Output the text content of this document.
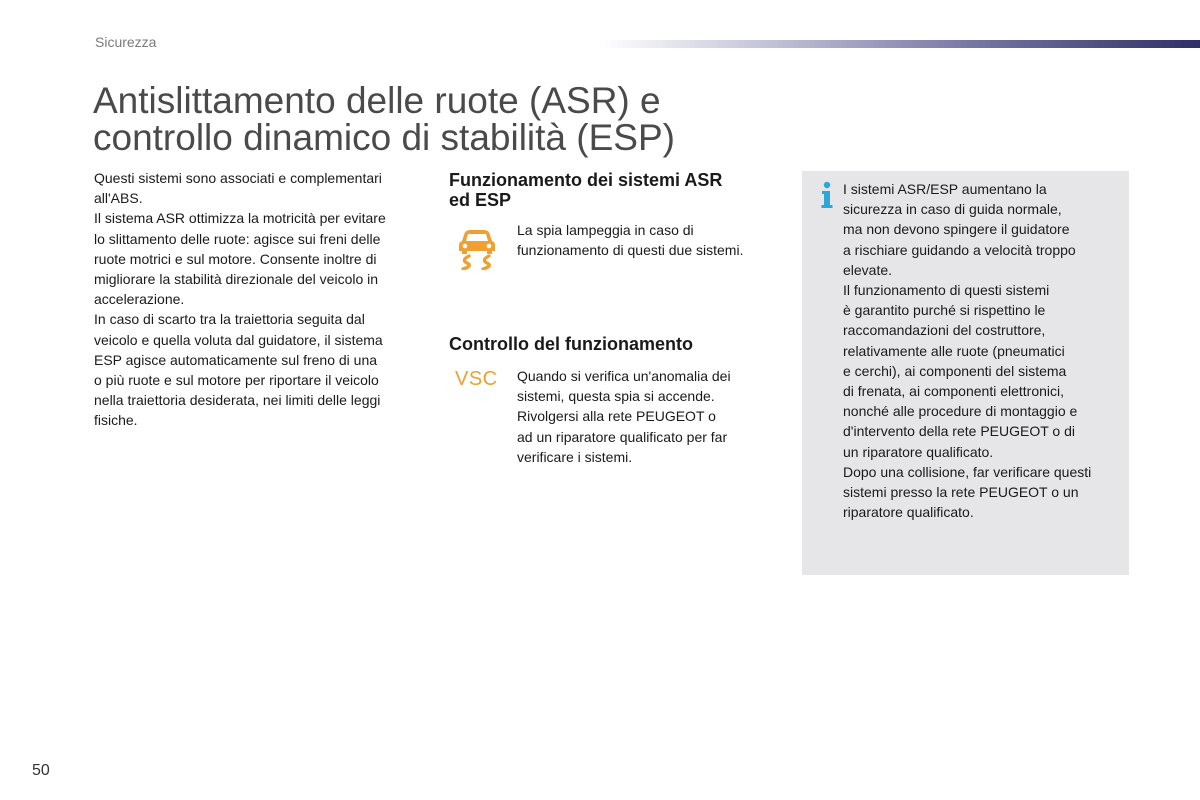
Sicurezza
Antislittamento delle ruote (ASR) e
controllo dinamico di stabilità (ESP)

Questi sistemi sono associati e complementari

all'ABS.

Il sistema ASR ottimizza la motricità per evitare

lo slittamento delle ruote: agisce sui freni delle

ruote motrici e sul motore. Consente inoltre di

migliorare la stabilità direzionale del veicolo in

accelerazione.

In caso di scarto tra la traiettoria seguita dal

veicolo e quella voluta dal guidatore, il sistema

ESP agisce automaticamente sul freno di una

o più ruote e sul motore per riportare il veicolo

nella traiettoria desiderata, nei limiti delle leggi

fisiche.

Funzionamento dei sistemi ASR
ed ESP

La spia lampeggia in caso di

funzionamento di questi due sistemi.

Controllo del funzionamento
VSC Quando si verifica un'anomalia dei

sistemi, questa spia si accende.

Rivolgersi alla rete PEUGEOT o

ad un riparatore qualificato per far

verificare i sistemi.

I sistemi ASR/ESP aumentano la

sicurezza in caso di guida normale,

ma non devono spingere il guidatore

a rischiare guidando a velocità troppo

elevate.

Il funzionamento di questi sistemi

è garantito purché si rispettino le

raccomandazioni del costruttore,

relativamente alle ruote (pneumatici

e cerchi), ai componenti del sistema

di frenata, ai componenti elettronici,

nonché alle procedure di montaggio e

d'intervento della rete PEUGEOT o di

un riparatore qualificato.

Dopo una collisione, far verificare questi

sistemi presso la rete PEUGEOT o un

riparatore qualificato.

50
